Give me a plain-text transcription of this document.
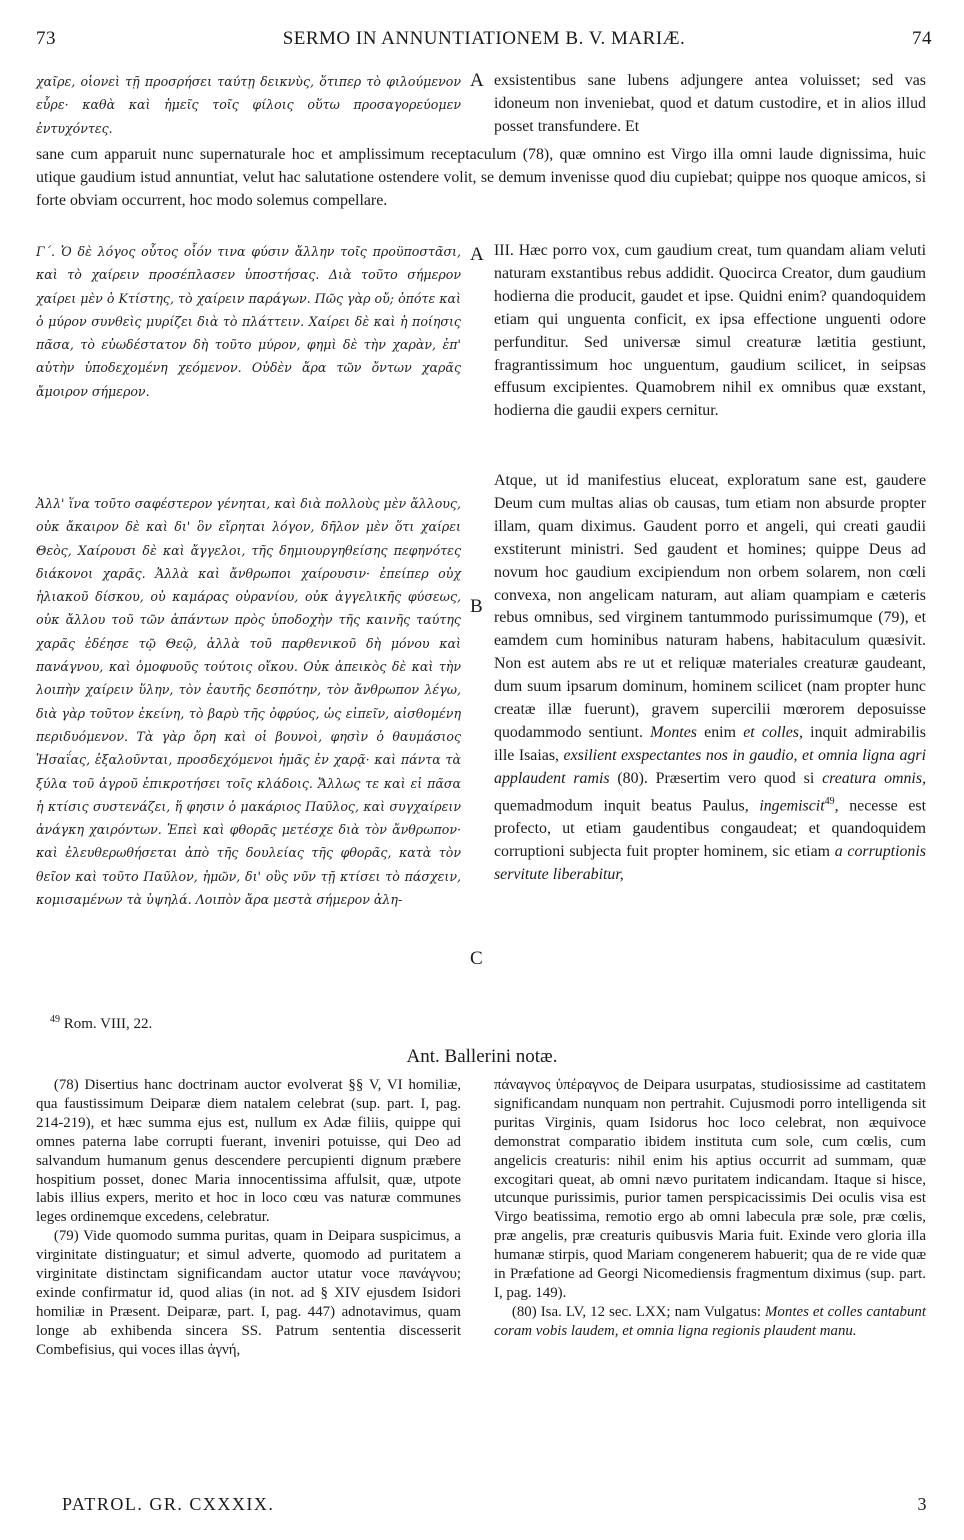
73	SERMO IN ANNUNTIATIONEM B. V. MARIÆ.	74
χαῖρε, οἱονεὶ τῇ προσρήσει ταύτῃ δεικνὺς, ὅτιπερ τὸ φιλούμενον εὗρε· καθὰ καὶ ἡμεῖς τοῖς φίλοις οὕτω προσαγορεύομεν ἐντυχόντες.
A exsistentibus sane lubens adjungere antea voluisset; sed vas idoneum non inveniebat, quod et datum custodire, et in alios illud posset transfundere. Et
sane cum apparuit nunc supernaturale hoc et amplissimum receptaculum (78), quæ omnino est Virgo illa omni laude dignissima, huic utique gaudium istud annuntiat, velut hac salutatione ostendere volit, se demum invenisse quod diu cupiebat; quippe nos quoque amicos, si forte obviam occurrent, hoc modo solemus compellare.
Γ΄. Ὁ δὲ λόγος οὗτος οἷόν τινα φύσιν ἄλλην τοῖς προϋποστᾶσι, καὶ τὸ χαίρειν προσέπλασεν ὑποστήσας. Διὰ τοῦτο σήμερον χαίρει μὲν ὁ Κτίστης, τὸ χαίρειν παράγων. Πῶς γὰρ οὔ; ὁπότε καὶ ὁ μύρον συνθεὶς μυρίζει διὰ τὸ πλάττειν. Χαίρει δὲ καὶ ἡ ποίησις πᾶσα, τὸ εὐωδέστατον δὴ τοῦτο μύρον, φημὶ δὲ τὴν χαρὰν, ἐπ' αὐτὴν ὑποδεχομένη χεόμενον. Οὐδὲν ἄρα τῶν ὄντων χαρᾶς ἄμοιρον σήμερον.
A III. Hæc porro vox, cum gaudium creat, tum quandam aliam veluti naturam exstantibus rebus addidit. Quocirca Creator, dum gaudium hodierna die producit, gaudet et ipse. Quidni enim? quandoquidem etiam qui unguenta conficit, ex ipsa effectione unguenti odore perfunditur. Sed universæ simul creaturæ lætitia gestiunt, fragrantissimum hoc unguentum, gaudium scilicet, in seipsas effusum excipientes. Quamobrem nihil ex omnibus quæ exstant, hodierna die gaudii expers cernitur.
Ἀλλ' ἵνα τοῦτο σαφέστερον γένηται, καὶ διὰ πολλοὺς μὲν ἄλλους, οὐκ ἄκαιρον δὲ καὶ δι' ὃν εἴρηται λόγον, δῆλον μὲν ὅτι χαίρει Θεὸς, Χαίρουσι δὲ καὶ ἄγγελοι, τῆς δημιουργηθείσης πεφηνότες διάκονοι χαρᾶς. Ἀλλὰ καὶ ἄνθρωποι χαίρουσιν· ἐπείπερ οὐχ ἡλιακοῦ δίσκου, οὐ καμάρας οὐρανίου, οὐκ ἀγγελικῆς φύσεως, οὐκ ἄλλου τοῦ τῶν ἁπάντων πρὸς ὑποδοχὴν τῆς καινῆς ταύτης χαρᾶς ἐδέησε τῷ Θεῷ, ἀλλὰ τοῦ παρθενικοῦ δὴ μόνου καὶ πανάγνου, καὶ ὁμοφυοῦς τούτοις οἴκου. Οὐκ ἀπεικὸς δὲ καὶ τὴν λοιπὴν χαίρειν ὕλην, τὸν ἑαυτῆς δεσπότην, τὸν ἄνθρωπον λέγω, διὰ γὰρ τοῦτον ἐκείνη, τὸ βαρὺ τῆς ὀφρύος, ὡς εἰπεῖν, αἰσθομένη περιδυόμενον. Τὰ γὰρ ὄρη καὶ οἱ βουνοὶ, φησὶν ὁ θαυμάσιος Ἡσαΐας, ἐξαλοῦνται, προσδεχόμενοι ἡμᾶς ἐν χαρᾷ· καὶ πάντα τὰ ξύλα τοῦ ἀγροῦ ἐπικροτήσει τοῖς κλάδοις. Ἄλλως τε καὶ εἰ πᾶσα ἡ κτίσις συστενάζει, ἥ φησιν ὁ μακάριος Παῦλος, καὶ συγχαίρειν ἀνάγκη χαιρόντων. Ἐπεὶ καὶ φθορᾶς μετέσχε διὰ τὸν ἄνθρωπον· καὶ ἐλευθερωθήσεται ἀπὸ τῆς δουλείας τῆς φθορᾶς, κατὰ τὸν θεῖον καὶ τοῦτο Παῦλον, ἡμῶν, δι' οὓς νῦν τῇ κτίσει τὸ πάσχειν, κομισαμένων τὰ ὑψηλά. Λοιπὸν ἄρα μεστὰ σήμερον ἀλη-
B
C
Atque, ut id manifestius eluceat, exploratum sane est, gaudere Deum cum multas alias ob causas, tum etiam non absurde propter illam, quam diximus. Gaudent porro et angeli, qui creati gaudii exstiterunt ministri. Sed gaudent et homines; quippe Deus ad novum hoc gaudium excipiendum non orbem solarem, non cœli convexa, non angelicam naturam, aut aliam quampiam e cæteris rebus omnibus, sed virginem tantummodo purissimumque (79), et eamdem cum hominibus naturam habens, habitaculum quæsivit. Non est autem abs re ut et reliquæ materiales creaturæ gaudeant, dum suum ipsarum dominum, hominem scilicet (nam propter hunc creatæ illæ fuerunt), gravem supercilii mœrorem deposuisse quodammodo sentiunt. Montes enim et colles, inquit admirabilis ille Isaias, exsilient exspectantes nos in gaudio, et omnia ligna agri applaudent ramis (80). Præsertim vero quod si creatura omnis, quemadmodum inquit beatus Paulus, ingemiscit$^{49}$, necesse est profecto, ut etiam gaudentibus congaudeat; et quandoquidem corruptioni subjecta fuit propter hominem, sic etiam a corruptionis servitute liberabitur,
$^{49}$ Rom. VIII, 22.
Ant. Ballerini notæ.

(78) Disertius hanc doctrinam auctor evolverat §§ V, VI homiliæ, qua faustissimum Deiparæ diem natalem celebrat (sup. part. I, pag. 214-219), et hæc summa ejus est, nullum ex Adæ filiis, quippe qui omnes paterna labe corrupti fuerant, inveniri potuisse, qui Deo ad salvandum humanum genus descendere percupienti dignum præbere hospitium posset, donec Maria innocentissima affulsit, quæ, utpote labis illius expers, merito et hoc in loco cœu vas naturæ communes leges ordinemque excedens, celebratur.

(79) Vide quomodo summa puritas, quam in Deipara suspicimus, a virginitate distinguatur; et simul adverte, quomodo ad puritatem a virginitate distinctam significandam auctor utatur voce πανάγνου; exinde confirmatur id, quod alias (in not. ad § XIV ejusdem Isidori homiliæ in Præsent. Deiparæ, part. I, pag. 447) adnotavimus, quam longe ab exhibenda sincera SS. Patrum sententia discesserit Combefisius, qui voces illas ἁγνή,

πάναγνος ὑπέραγνος de Deipara usurpatas, studiosissime ad castitatem significandam nunquam non pertrahit. Cujusmodi porro intelligenda sit puritas Virginis, quam Isidorus hoc loco celebrat, non æquivoce demonstrat comparatio ibidem instituta cum sole, cum cœlis, cum angelicis creaturis: nihil enim his aptius occurrit ad summam, quæ excogitari queat, ab omni nævo puritatem indicandam. Itaque si hisce, utcunque purissimis, purior tamen perspicacissimis Dei oculis visa est Virgo beatissima, remotio ergo ab omni labecula præ sole, præ cœlis, præ angelis, præ creaturis quibusvis Maria fuit. Exinde vero gloria illa humanæ stirpis, quod Mariam congenerem habuerit; qua de re vide quæ in Præfatione ad Georgi Nicomediensis fragmentum diximus (sup. part. I, pag. 149).

(80) Isa. LV, 12 sec. LXX; nam Vulgatus: Montes et colles cantabunt coram vobis laudem, et omnia ligna regionis plaudent manu.

PATROL. GR. CXXXIX.	3
